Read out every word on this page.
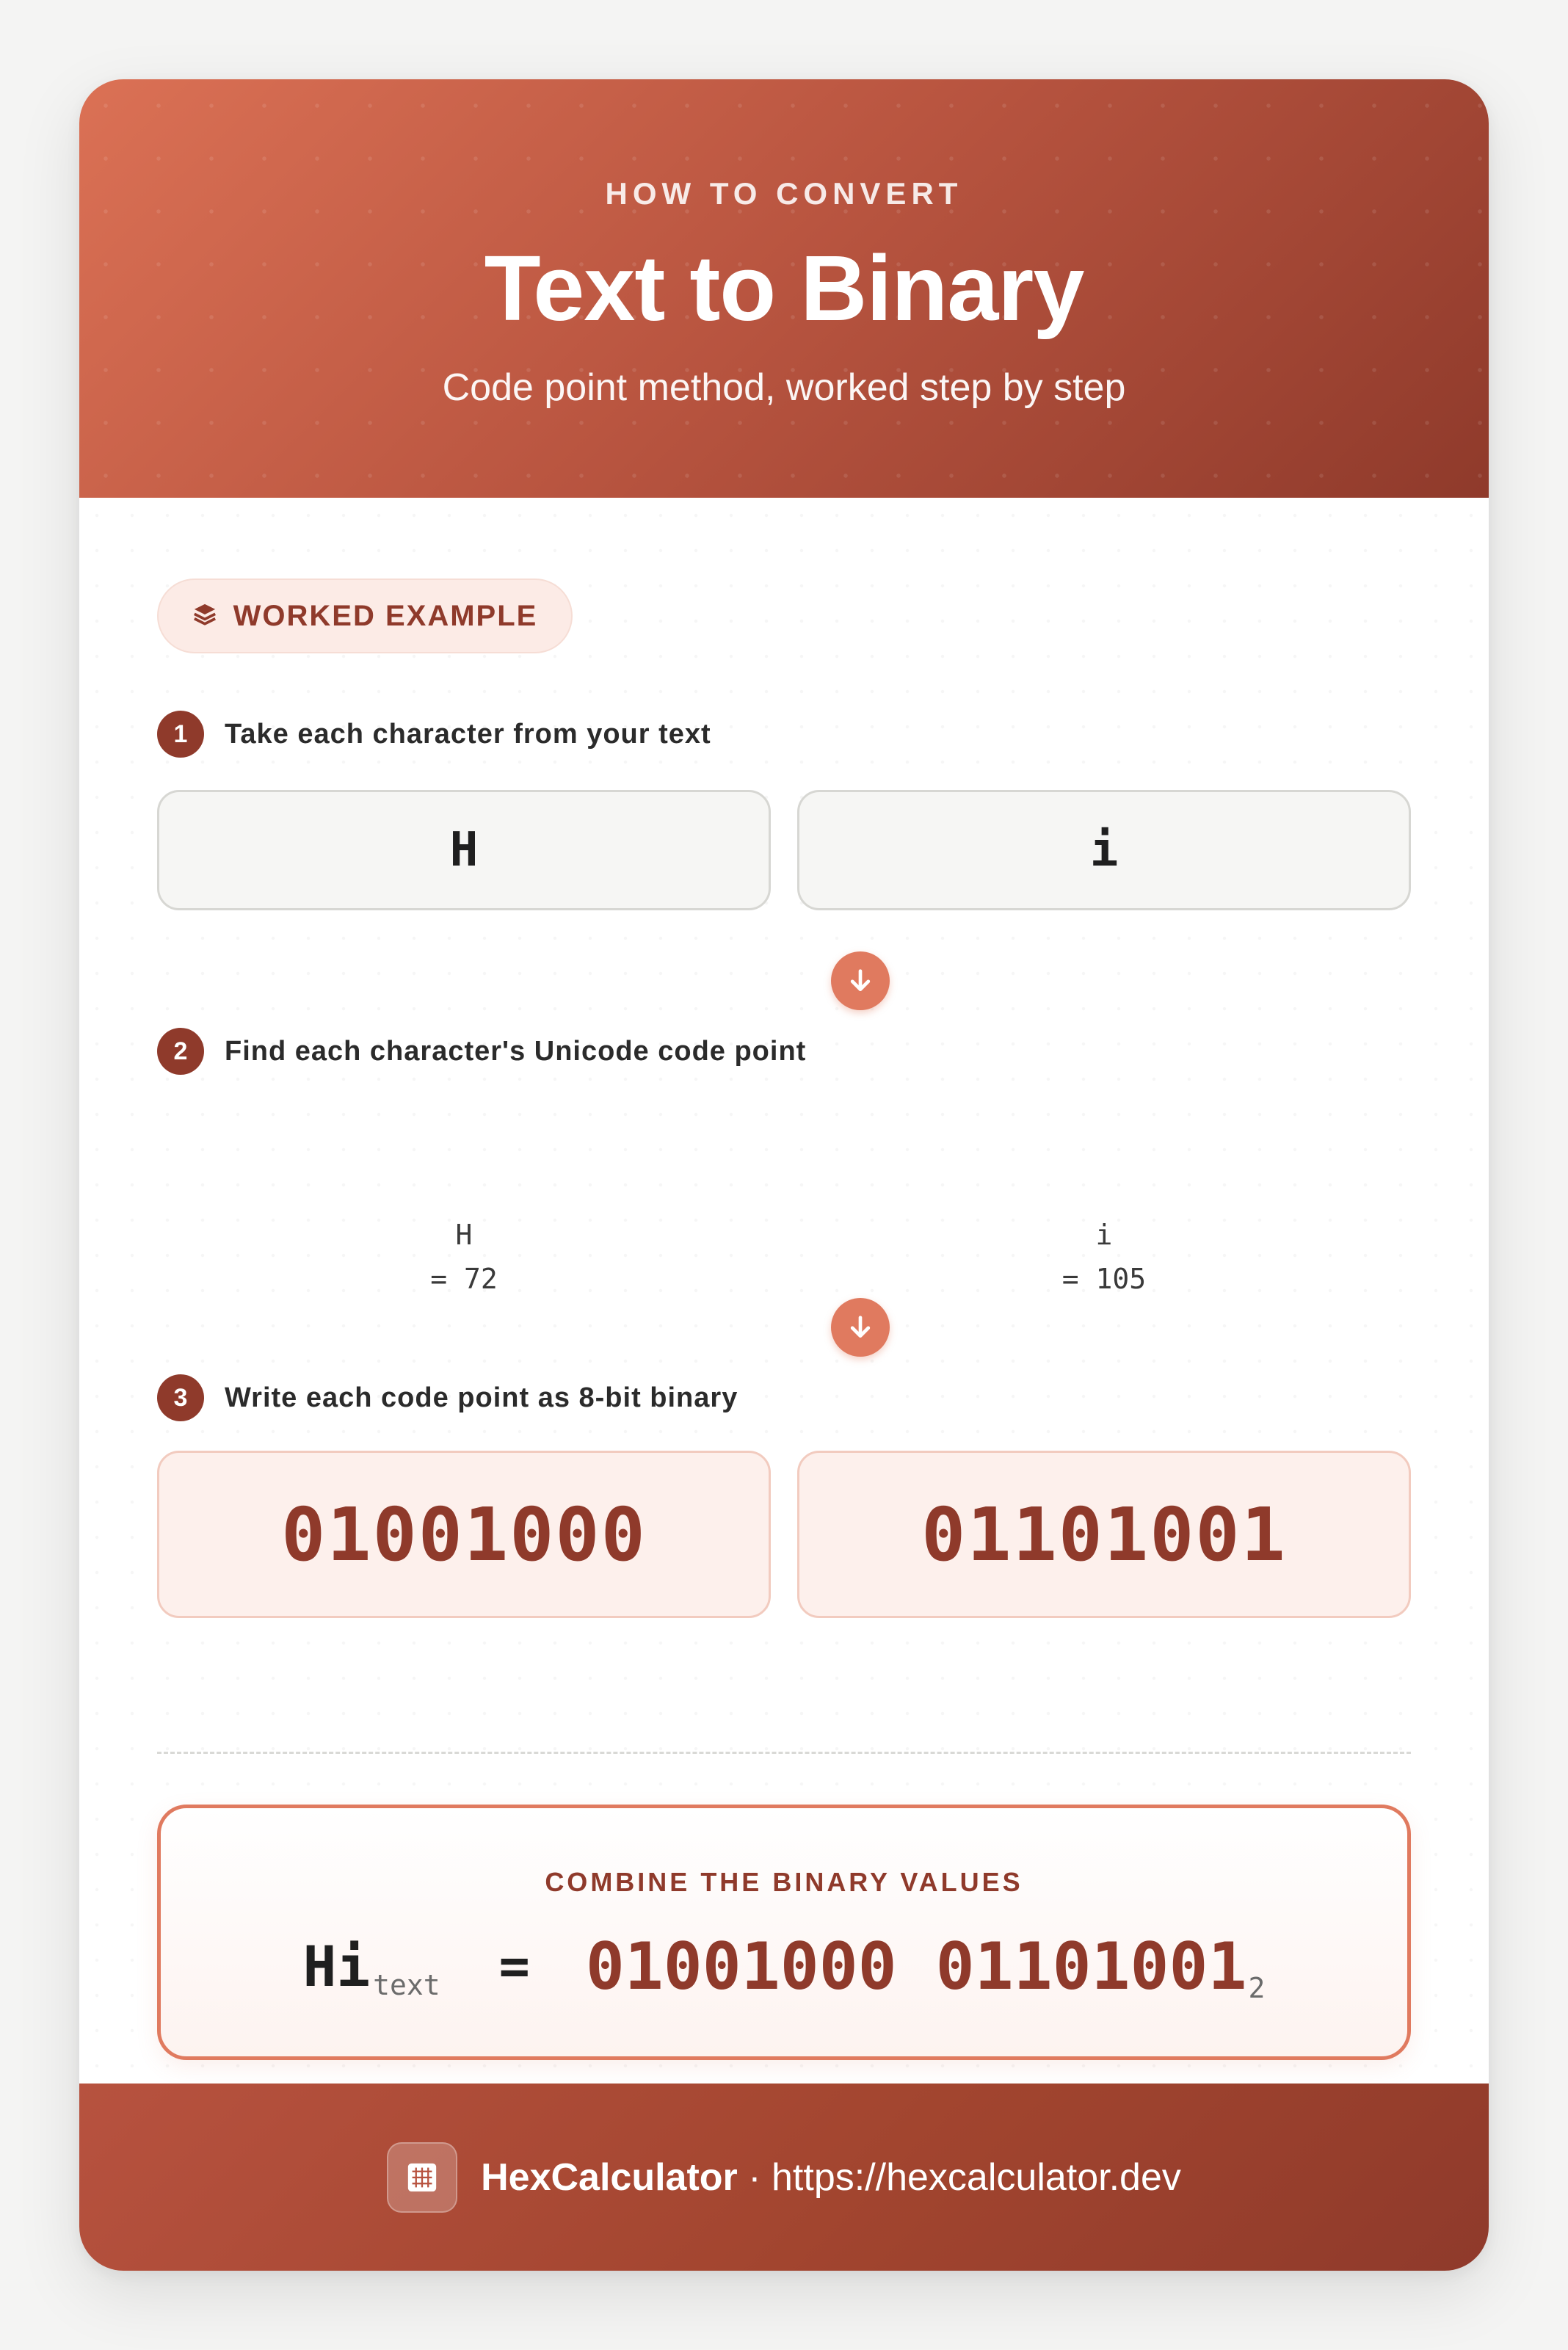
HOW TO CONVERT
Text to Binary
Code point method, worked step by step
WORKED EXAMPLE
1	Take each character from your text
H	i
2	Find each character's Unicode code point
H
= 72
i
= 105
3	Write each code point as 8-bit binary
01001000	01101001
COMBINE THE BINARY VALUES
Hi text = 01001000 01101001 2
HexCalculator · https://hexcalculator.dev
